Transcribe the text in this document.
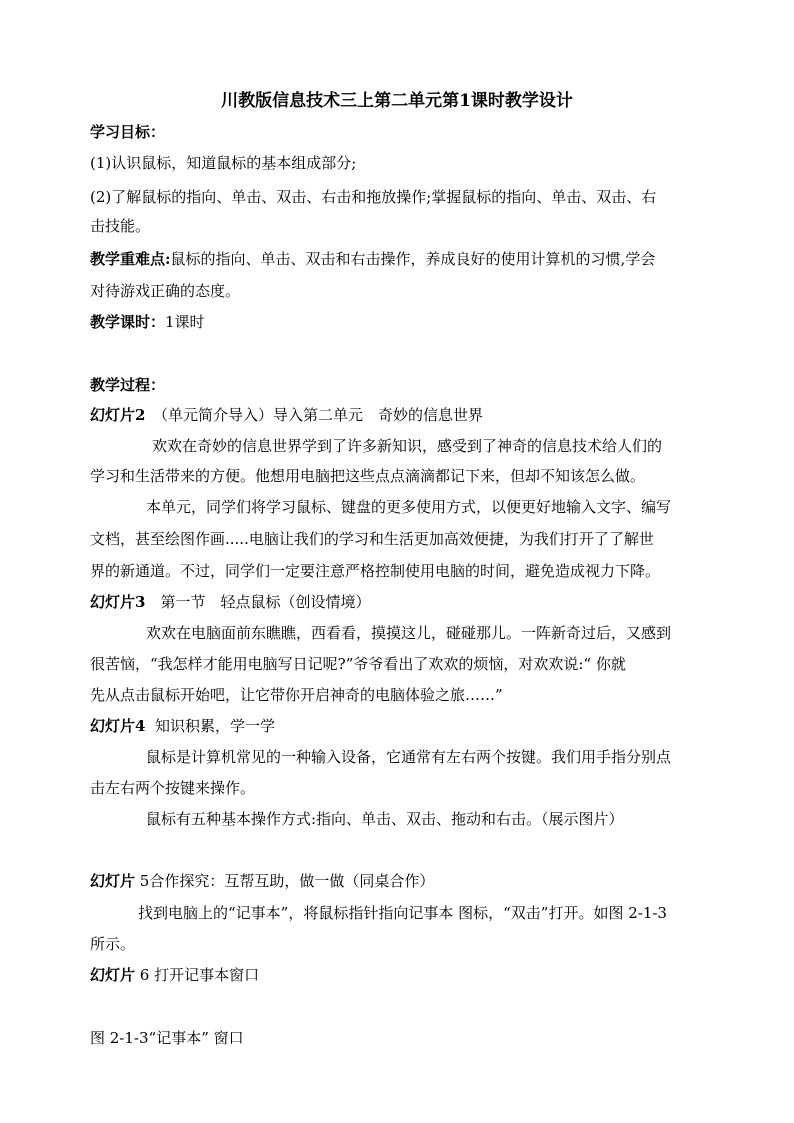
川教版信息技术三上第二单元第1课时教学设计
学习目标：
(1)认识鼠标，知道鼠标的基本组成部分;
(2)了解鼠标的指向、单击、双击、右击和拖放操作;掌握鼠标的指向、单击、双击、右
击技能。
教学重难点:鼠标的指向、单击、双击和右击操作，养成良好的使用计算机的习惯,学会
对待游戏正确的态度。
教学课时：1课时
教学过程：
幻灯片2　（单元简介导入）导入第二单元　奇妙的信息世界
欢欢在奇妙的信息世界学到了许多新知识，感受到了神奇的信息技术给人们的
学习和生活带来的方便。他想用电脑把这些点点滴滴都记下来，但却不知该怎么做。
本单元，同学们将学习鼠标、键盘的更多使用方式，以便更好地输入文字、编写
文档，甚至绘图作画.....电脑让我们的学习和生活更加高效便捷，为我们打开了了解世
界的新通道。不过，同学们一定要注意严格控制使用电脑的时间，避免造成视力下降。
幻灯片3　第一节　轻点鼠标（创设情境）
欢欢在电脑面前东瞧瞧，西看看，摸摸这儿，碰碰那儿。一阵新奇过后，又感到
很苦恼，“我怎样才能用电脑写日记呢?”爷爷看出了欢欢的烦恼，对欢欢说:“ 你就
先从点击鼠标开始吧，让它带你开启神奇的电脑体验之旅……”
幻灯片4 知识积累，学一学
鼠标是计算机常见的一种输入设备，它通常有左右两个按键。我们用手指分别点
击左右两个按键来操作。
鼠标有五种基本操作方式:指向、单击、双击、拖动和右击。（展示图片）
幻灯片 5合作探究：互帮互助，做一做（同桌合作）
找到电脑上的“记事本”，将鼠标指针指向记事本 图标，“双击”打开。如图 2-1-3
所示。
幻灯片 6 打开记事本窗口
图 2-1-3“记事本” 窗口
